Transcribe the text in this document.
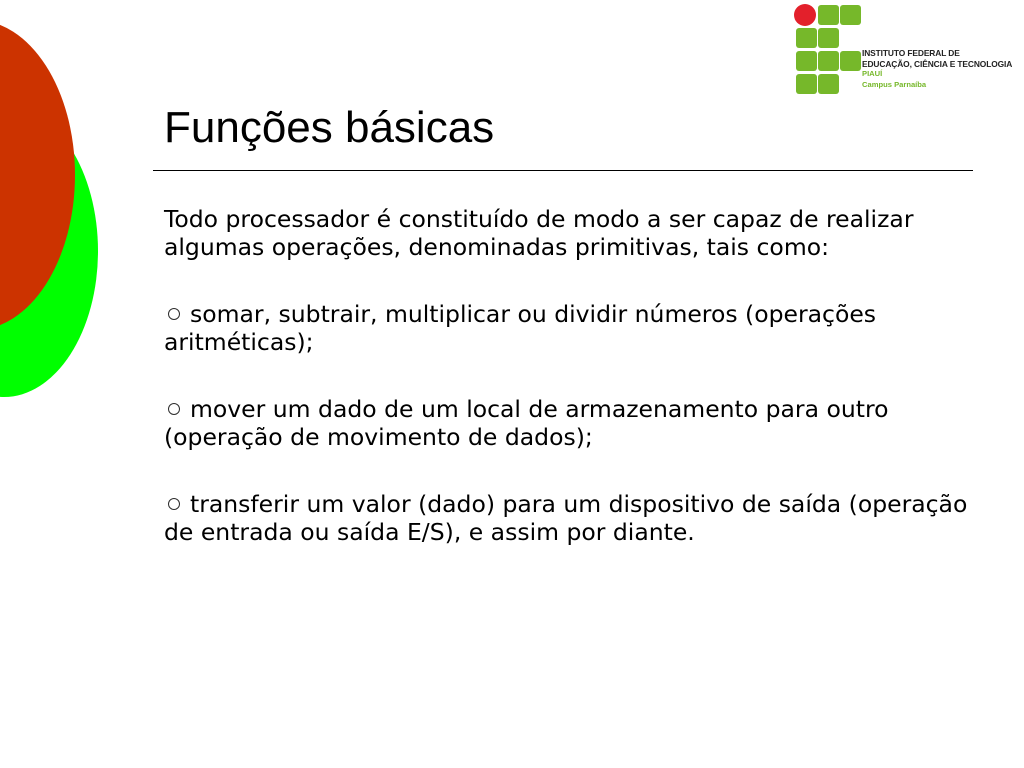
INSTITUTO FEDERAL DE
EDUCAÇÃO, CIÊNCIA E TECNOLOGIA
PIAUÍ
Campus Parnaíba
Funções básicas

Todo processador é constituído de modo a ser capaz de realizar algumas operações, denominadas primitivas, tais como:

somar, subtrair, multiplicar ou dividir números (operações aritméticas);

mover um dado de um local de armazenamento para outro (operação de movimento de dados);

transferir um valor (dado) para um dispositivo de saída (operação de entrada ou saída E/S), e assim por diante.
